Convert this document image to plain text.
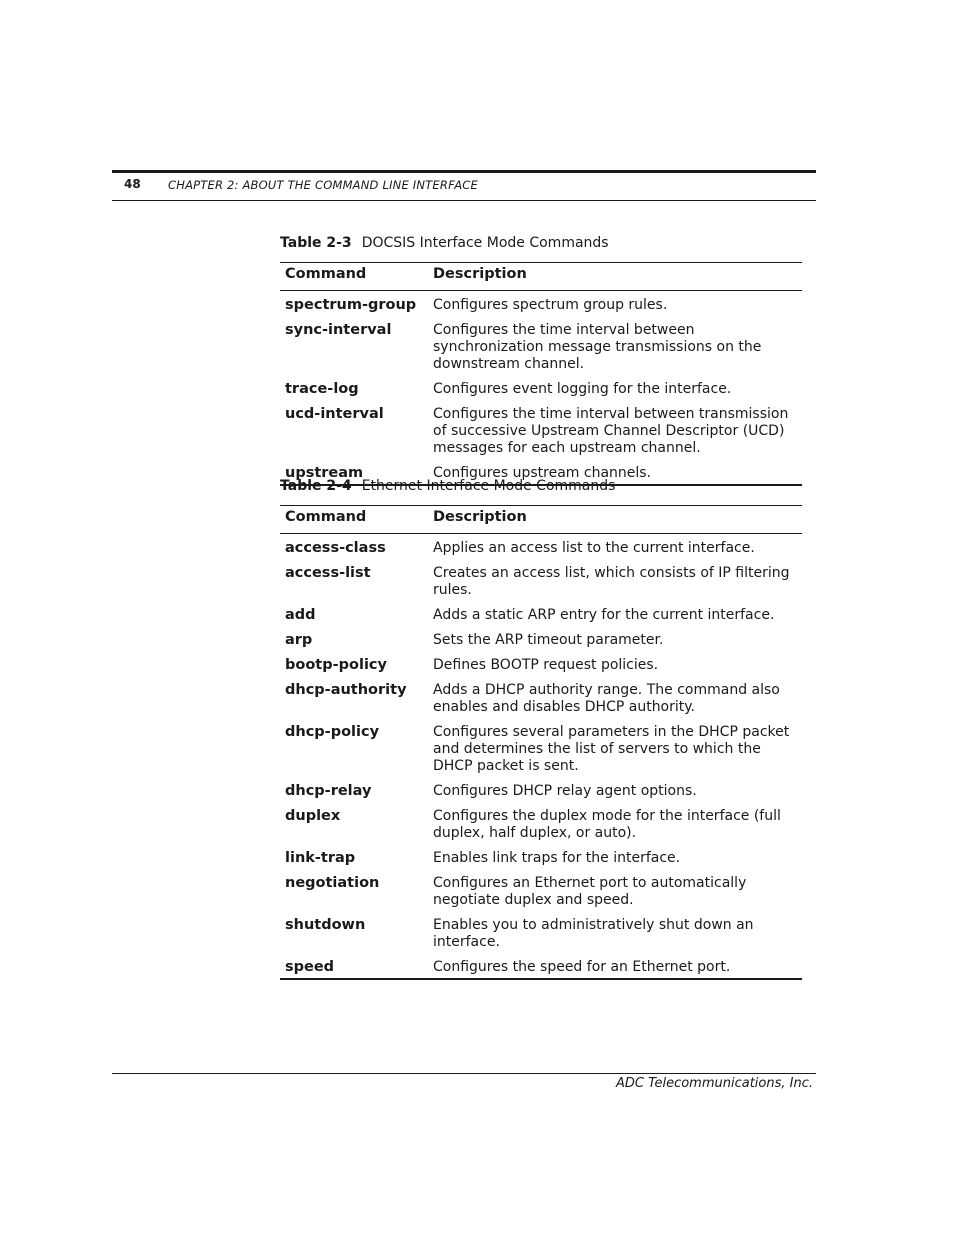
48 CHAPTER 2: ABOUT THE COMMAND LINE INTERFACE
Table 2-3 DOCSIS Interface Mode Commands
Command	Description
spectrum-group	Configures spectrum group rules.
sync-interval	Configures the time interval between synchronization message transmissions on the downstream channel.
trace-log	Configures event logging for the interface.
ucd-interval	Configures the time interval between transmission of successive Upstream Channel Descriptor (UCD) messages for each upstream channel.
upstream	Configures upstream channels.
Table 2-4 Ethernet Interface Mode Commands
Command	Description
access-class	Applies an access list to the current interface.
access-list	Creates an access list, which consists of IP filtering rules.
add	Adds a static ARP entry for the current interface.
arp	Sets the ARP timeout parameter.
bootp-policy	Defines BOOTP request policies.
dhcp-authority	Adds a DHCP authority range. The command also enables and disables DHCP authority.
dhcp-policy	Configures several parameters in the DHCP packet and determines the list of servers to which the DHCP packet is sent.
dhcp-relay	Configures DHCP relay agent options.
duplex	Configures the duplex mode for the interface (full duplex, half duplex, or auto).
link-trap	Enables link traps for the interface.
negotiation	Configures an Ethernet port to automatically negotiate duplex and speed.
shutdown	Enables you to administratively shut down an interface.
speed	Configures the speed for an Ethernet port.
ADC Telecommunications, Inc.
